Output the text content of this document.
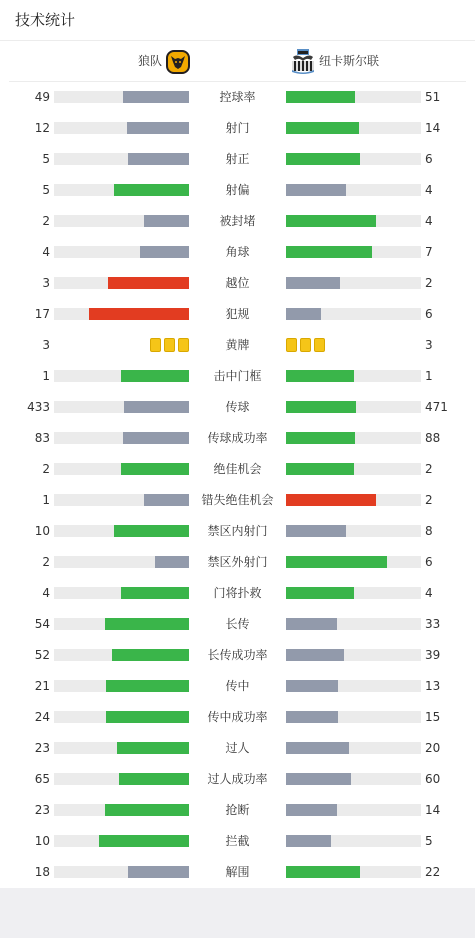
技术统计
狼队	纽卡斯尔联
49	控球率	51
12	射门	14
5	射正	6
5	射偏	4
2	被封堵	4
4	角球	7
3	越位	2
17	犯规	6
3	黄牌	3
1	击中门框	1
433	传球	471
83	传球成功率	88
2	绝佳机会	2
1	错失绝佳机会	2
10	禁区内射门	8
2	禁区外射门	6
4	门将扑救	4
54	长传	33
52	长传成功率	39
21	传中	13
24	传中成功率	15
23	过人	20
65	过人成功率	60
23	抢断	14
10	拦截	5
18	解围	22
